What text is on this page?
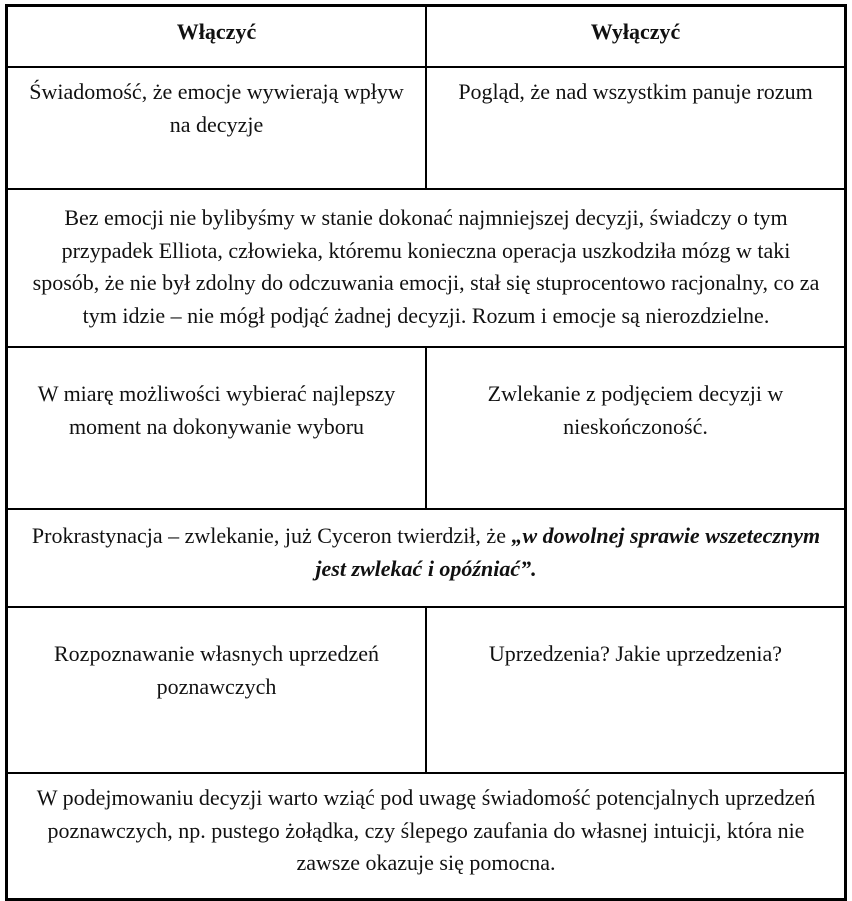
Włączyć	Wyłączyć
Świadomość, że emocje wywierają wpływ na decyzje	Pogląd, że nad wszystkim panuje rozum
Bez emocji nie bylibyśmy w stanie dokonać najmniejszej decyzji, świadczy o tym przypadek Elliota, człowieka, któremu konieczna operacja uszkodziła mózg w taki sposób, że nie był zdolny do odczuwania emocji, stał się stuprocentowo racjonalny, co za tym idzie – nie mógł podjąć żadnej decyzji. Rozum i emocje są nierozdzielne.	
W miarę możliwości wybierać najlepszy moment na dokonywanie wyboru	Zwlekanie z podjęciem decyzji w nieskończoność.
Prokrastynacja – zwlekanie, już Cyceron twierdził, że „w dowolnej sprawie wszetecznym jest zwlekać i opóźniać”.	
Rozpoznawanie własnych uprzedzeń poznawczych	Uprzedzenia? Jakie uprzedzenia?
W podejmowaniu decyzji warto wziąć pod uwagę świadomość potencjalnych uprzedzeń poznawczych, np. pustego żołądka, czy ślepego zaufania do własnej intuicji, która nie zawsze okazuje się pomocna.	
